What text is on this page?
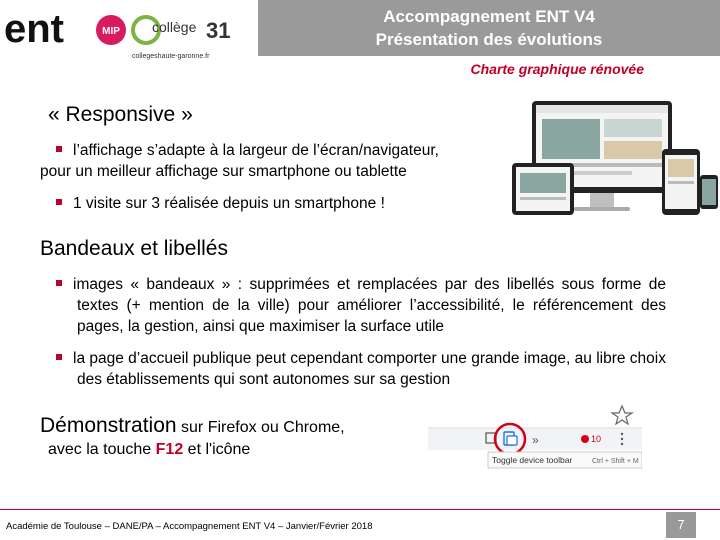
ent	MIP collège 31
collegeshaute-garonne.fr
Accompagnement ENT V4
Présentation des évolutions
Charte graphique rénovée
« Responsive »
l’affichage s’adapte à la largeur de l’écran/navigateur,
pour un meilleur affichage sur smartphone ou tablette
1 visite sur 3 réalisée depuis un smartphone !
Bandeaux et libellés
images « bandeaux » : supprimées et remplacées par des libellés sous forme de textes (+ mention de la ville) pour améliorer l’accessibilité, le référencement des pages, la gestion, ainsi que maximiser la surface utile
la page d’accueil publique peut cependant comporter une grande image, au libre choix des établissements qui sont autonomes sur sa gestion
Démonstration sur Firefox ou Chrome,
avec la touche F12 et l'icône
»	10
Toggle device toolbar	Ctrl + Shift + M
Académie de Toulouse – DANE/PA – Accompagnement ENT V4 – Janvier/Février 2018	7
